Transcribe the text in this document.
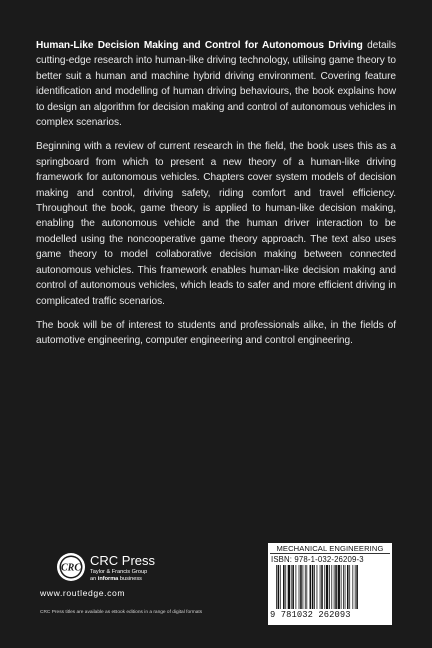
Human-Like Decision Making and Control for Autonomous Driving details cutting-edge research into human-like driving technology, utilising game theory to better suit a human and machine hybrid driving environment. Covering feature identification and modelling of human driving behaviours, the book explains how to design an algorithm for decision making and control of autonomous vehicles in complex scenarios.

Beginning with a review of current research in the field, the book uses this as a springboard from which to present a new theory of a human-like driving framework for autonomous vehicles. Chapters cover system models of decision making and control, driving safety, riding comfort and travel efficiency. Throughout the book, game theory is applied to human-like decision making, enabling the autonomous vehicle and the human driver interaction to be modelled using the noncooperative game theory approach. The text also uses game theory to model collaborative decision making between connected autonomous vehicles. This framework enables human-like decision making and control of autonomous vehicles, which leads to safer and more efficient driving in complicated traffic scenarios.

The book will be of interest to students and professionals alike, in the fields of automotive engineering, computer engineering and control engineering.

CRC
CRC Press
Taylor & Francis Group
an informa business
www.routledge.com
CRC Press titles are available as eBook editions in a range of digital formats
MECHANICAL ENGINEERING
ISBN: 978-1-032-26209-3
9 781032 262093
